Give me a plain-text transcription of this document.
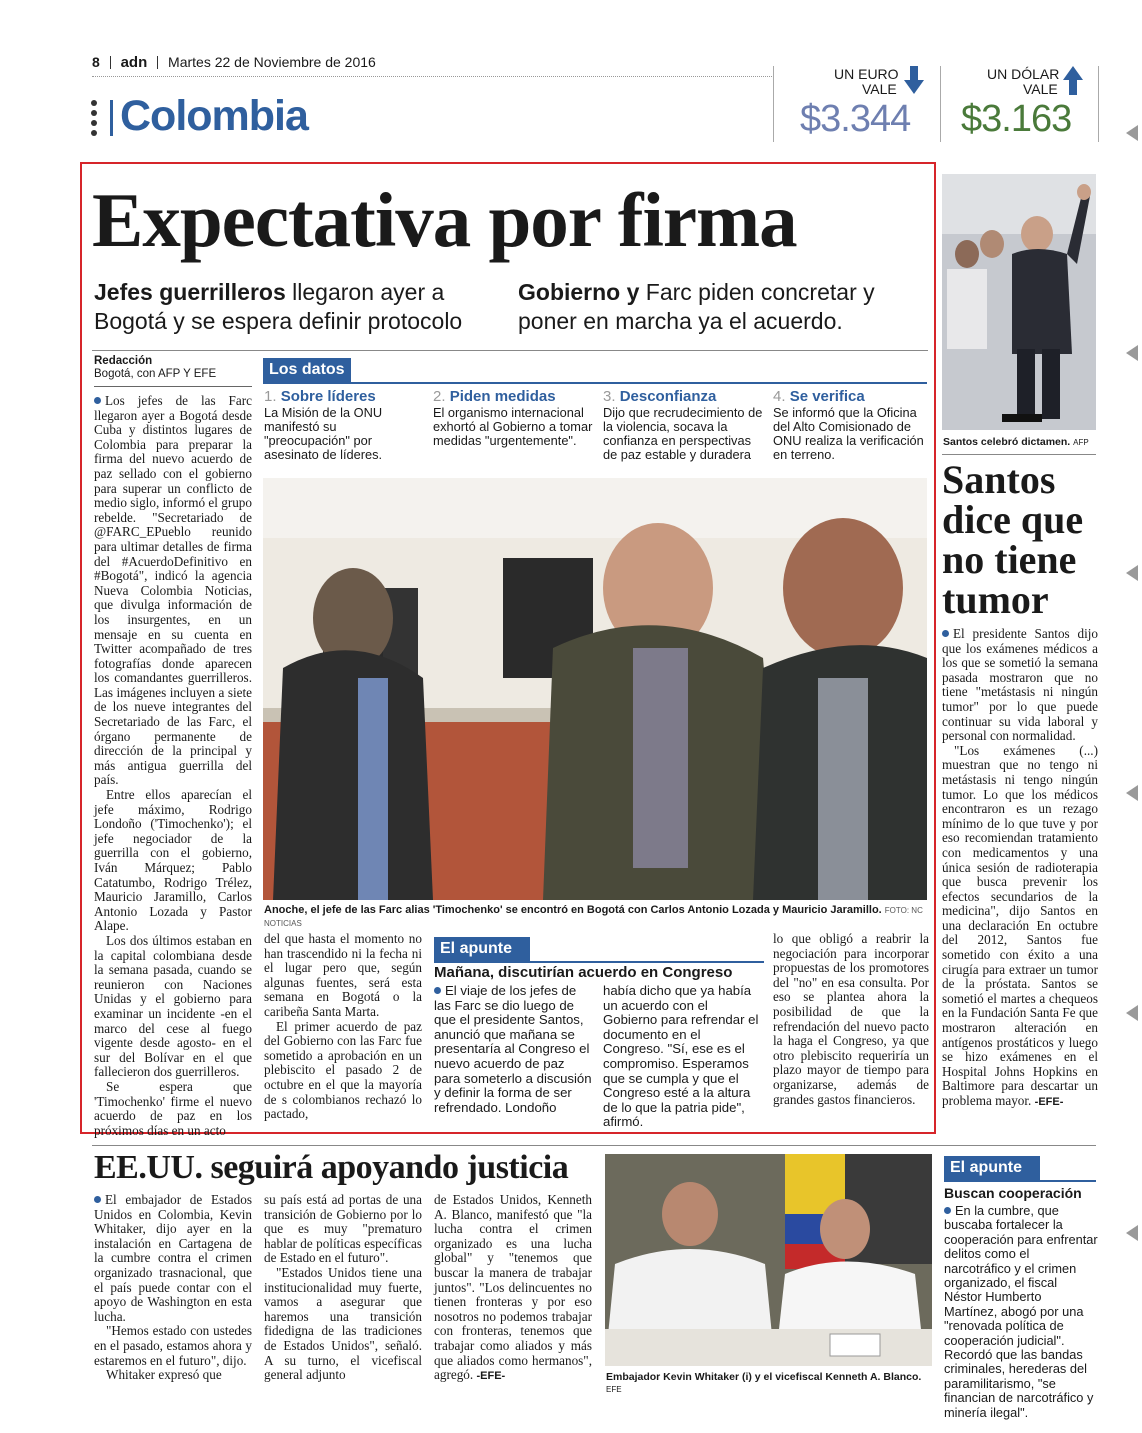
8 adn Martes 22 de Noviembre de 2016
Colombia
UN EURO
VALE
$3.344
UN DÓLAR
VALE
$3.163
Expectativa por firma
Jefes guerrilleros llegaron ayer a Bogotá y se espera definir protocolo
Gobierno y Farc piden concretar y poner en marcha ya el acuerdo.
Redacción
Bogotá, con AFP Y EFE

Los jefes de las Farc llegaron ayer a Bogotá desde Cuba y distintos lugares de Colombia para preparar la firma del nuevo acuerdo de paz sellado con el gobierno para superar un conflicto de medio siglo, informó el grupo rebelde. "Secretariado de @FARC_EPueblo reunido para ultimar detalles de firma del #AcuerdoDefinitivo en #Bogotá", indicó la agencia Nueva Colombia Noticias, que divulga información de los insurgentes, en un mensaje en su cuenta en Twitter acompañado de tres fotografías donde aparecen los comandantes guerrilleros. Las imágenes incluyen a siete de los nueve integrantes del Secretariado de las Farc, el órgano permanente de dirección de la principal y más antigua guerrilla del país.

Entre ellos aparecían el jefe máximo, Rodrigo Londoño ('Timochenko'); el jefe negociador de la guerrilla con el gobierno, Iván Márquez; Pablo Catatumbo, Rodrigo Trélez, Mauricio Jaramillo, Carlos Antonio Lozada y Pastor Alape.

Los dos últimos estaban en la capital colombiana desde la semana pasada, cuando se reunieron con Naciones Unidas y el gobierno para examinar un incidente -en el marco del cese al fuego vigente desde agosto- en el sur del Bolívar en el que fallecieron dos guerrilleros.

Se espera que 'Timochenko' firme el nuevo acuerdo de paz en los próximos días en un acto

Los datos
1. Sobre líderes
La Misión de la ONU manifestó su "preocupación" por asesinato de líderes.
2. Piden medidas
El organismo internacional exhortó al Gobierno a tomar medidas "urgentemente".
3. Desconfianza
Dijo que recrudecimiento de la violencia, socava la confianza en perspectivas de paz estable y duradera
4. Se verifica
Se informó que la Oficina del Alto Comisionado de ONU realiza la verificación en terreno.
Anoche, el jefe de las Farc alias 'Timochenko' se encontró en Bogotá con Carlos Antonio Lozada y Mauricio Jaramillo. FOTO: NC NOTICIAS

del que hasta el momento no han trascendido ni la fecha ni el lugar pero que, según algunas fuentes, será esta semana en Bogotá o la caribeña Santa Marta.

El primer acuerdo de paz del Gobierno con las Farc fue sometido a aprobación en un plebiscito el pasado 2 de octubre en el que la mayoría de s colombianos rechazó lo pactado,

El apunte
Mañana, discutirían acuerdo en Congreso
El viaje de los jefes de las Farc se dio luego de que el presidente Santos, anunció que mañana se presentaría al Congreso el nuevo acuerdo de paz para someterlo a discusión y definir la forma de ser refrendado. Londoño
había dicho que ya había un acuerdo con el Gobierno para refrendar el documento en el Congreso. "Sí, ese es el compromiso. Esperamos que se cumpla y que el Congreso esté a la altura de lo que la patria pide", afirmó.
lo que obligó a reabrir la negociación para incorporar propuestas de los promotores del "no" en esa consulta. Por eso se plantea ahora la posibilidad de que la refrendación del nuevo pacto la haga el Congreso, ya que otro plebiscito requeriría un plazo mayor de tiempo para organizarse, además de grandes gastos financieros.
Santos celebró dictamen. AFP
Santos dice que no tiene tumor

El presidente Santos dijo que los exámenes médicos a los que se sometió la semana pasada mostraron que no tiene "metástasis ni ningún tumor" por lo que puede continuar su vida laboral y personal con normalidad.

"Los exámenes (...) muestran que no tengo ni metástasis ni tengo ningún tumor. Lo que los médicos encontraron es un rezago mínimo de lo que tuve y por eso recomiendan tratamiento con medicamentos y una única sesión de radioterapia que busca prevenir los efectos secundarios de la medicina", dijo Santos en una declaración En octubre del 2012, Santos fue sometido con éxito a una cirugía para extraer un tumor de la próstata. Santos se sometió el martes a chequeos en la Fundación Santa Fe que mostraron alteración en antígenos prostáticos y luego se hizo exámenes en el Hospital Johns Hopkins en Baltimore para descartar un problema mayor. -EFE-

EE.UU. seguirá apoyando justicia

El embajador de Estados Unidos en Colombia, Kevin Whitaker, dijo ayer en la instalación en Cartagena de la cumbre contra el crimen organizado trasnacional, que el país puede contar con el apoyo de Washington en esta lucha.

"Hemos estado con ustedes en el pasado, estamos ahora y estaremos en el futuro", dijo.

Whitaker expresó que

su país está ad portas de una transición de Gobierno por lo que es muy "prematuro hablar de políticas específicas de Estado en el futuro".

"Estados Unidos tiene una institucionalidad muy fuerte, vamos a asegurar que haremos una transición fidedigna de las tradiciones de Estados Unidos", señaló. A su turno, el vicefiscal general adjunto

de Estados Unidos, Kenneth A. Blanco, manifestó que "la lucha contra el crimen organizado es una lucha global" y "tenemos que buscar la manera de trabajar juntos". "Los delincuentes no tienen fronteras y por eso nosotros no podemos trabajar con fronteras, tenemos que trabajar como aliados y más que aliados como hermanos", agregó. -EFE-	Embajador Kevin Whitaker (i) y el vicefiscal Kenneth A. Blanco. EFE
El apunte
Buscan cooperación
En la cumbre, que buscaba fortalecer la cooperación para enfrentar delitos como el narcotráfico y el crimen organizado, el fiscal Néstor Humberto Martínez, abogó por una "renovada política de cooperación judicial". Recordó que las bandas criminales, herederas del paramilitarismo, "se financian de narcotráfico y minería ilegal".
